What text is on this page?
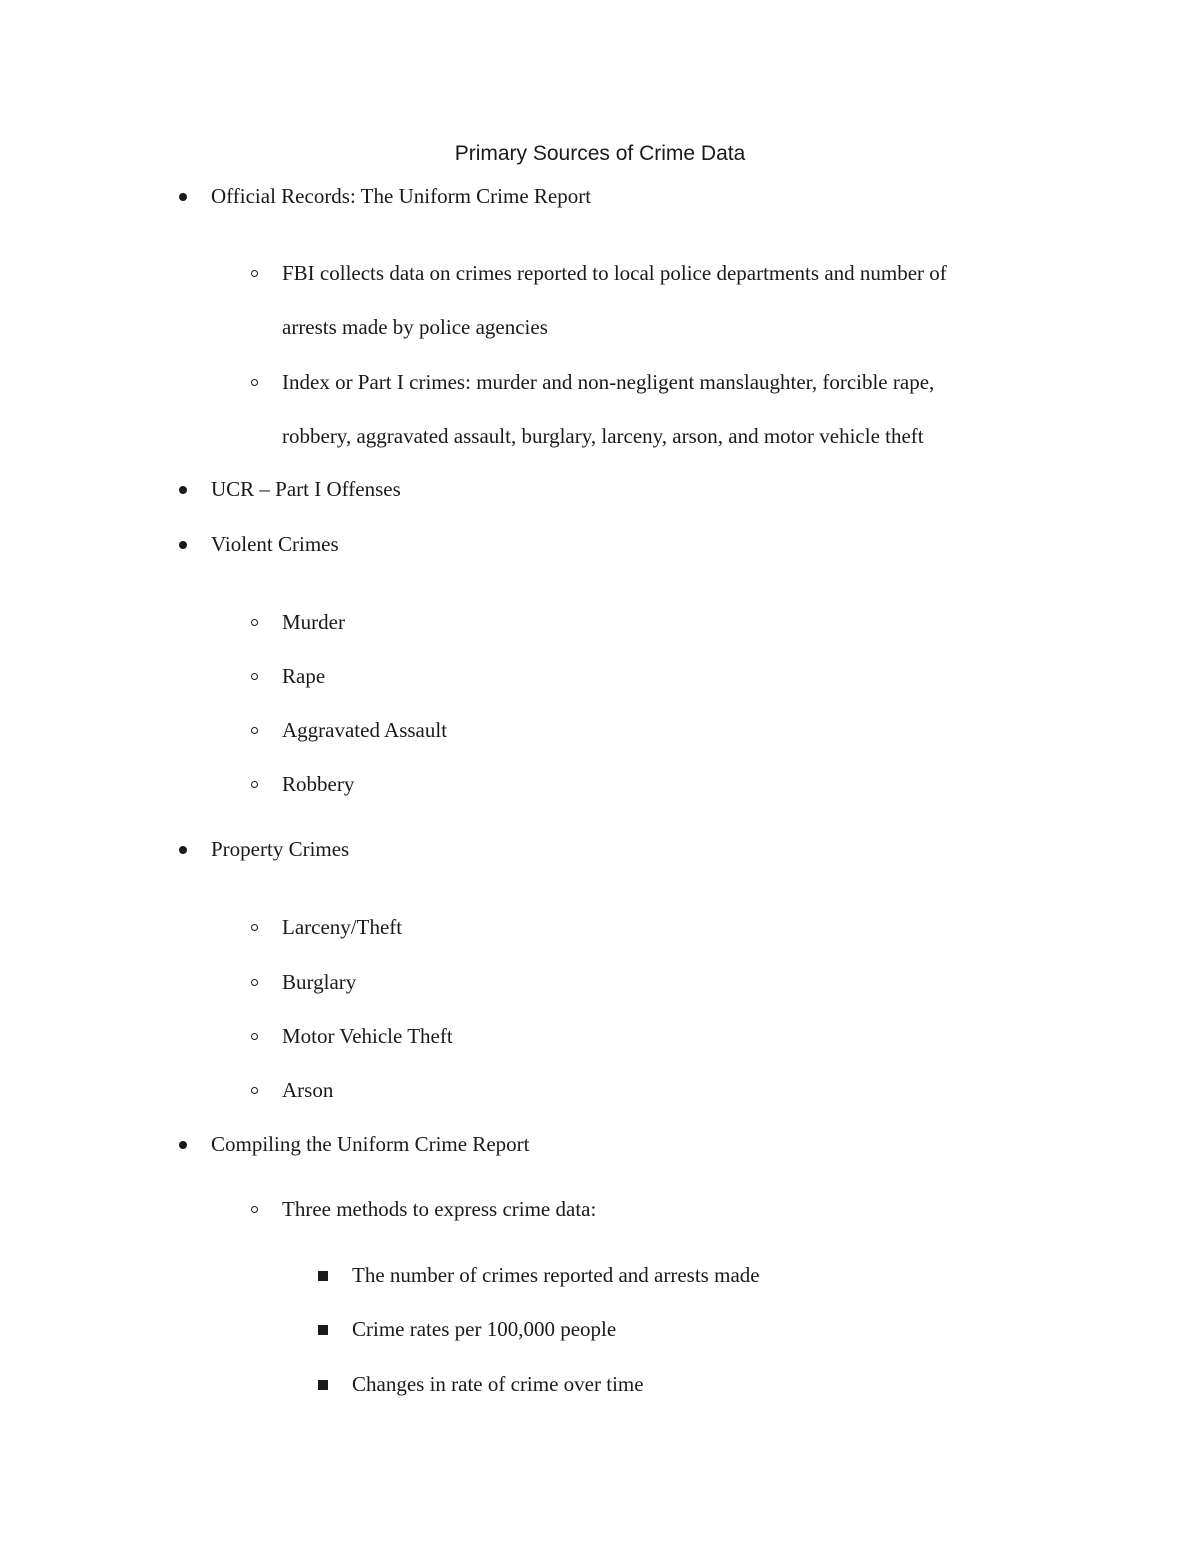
Primary Sources of Crime Data
Official Records: The Uniform Crime Report
FBI collects data on crimes reported to local police departments and number of
arrests made by police agencies
Index or Part I crimes: murder and non-negligent manslaughter, forcible rape,
robbery, aggravated assault, burglary, larceny, arson, and motor vehicle theft
UCR – Part I Offenses
Violent Crimes
Murder
Rape
Aggravated Assault
Robbery
Property Crimes
Larceny/Theft
Burglary
Motor Vehicle Theft
Arson
Compiling the Uniform Crime Report
Three methods to express crime data:
The number of crimes reported and arrests made
Crime rates per 100,000 people
Changes in rate of crime over time
